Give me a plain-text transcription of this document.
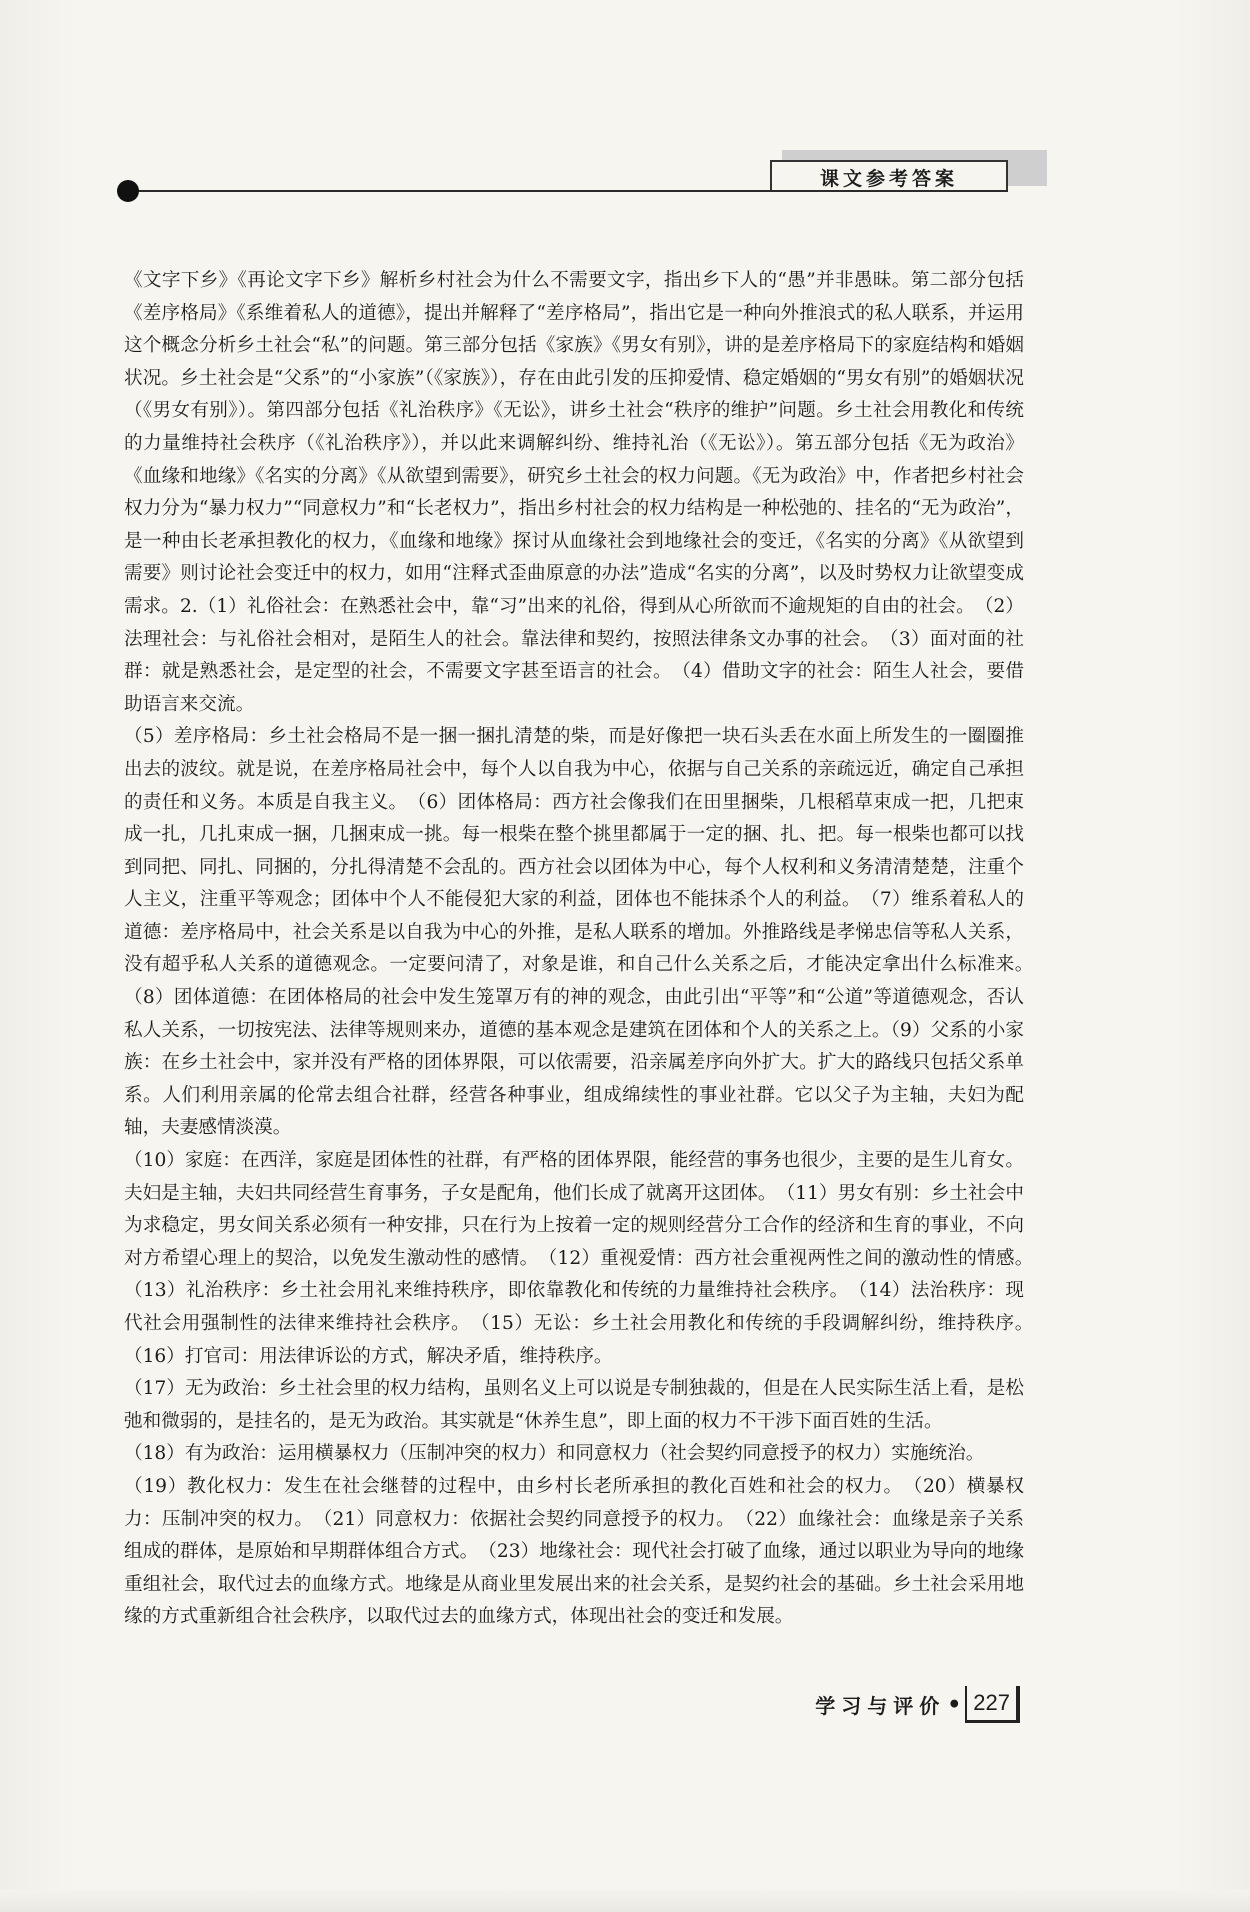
课文参考答案
《文字下乡》《再论文字下乡》解析乡村社会为什么不需要文字，指出乡下人的“愚”并非愚昧。第二部分包括《差序格局》《系维着私人的道德》，提出并解释了“差序格局”，指出它是一种向外推浪式的私人联系，并运用这个概念分析乡土社会“私”的问题。第三部分包括《家族》《男女有别》，讲的是差序格局下的家庭结构和婚姻状况。乡土社会是“父系”的“小家族”（《家族》），存在由此引发的压抑爱情、稳定婚姻的“男女有别”的婚姻状况（《男女有别》）。第四部分包括《礼治秩序》《无讼》，讲乡土社会“秩序的维护”问题。乡土社会用教化和传统的力量维持社会秩序（《礼治秩序》），并以此来调解纠纷、维持礼治（《无讼》）。第五部分包括《无为政治》《血缘和地缘》《名实的分离》《从欲望到需要》，研究乡土社会的权力问题。《无为政治》中，作者把乡村社会权力分为“暴力权力”“同意权力”和“长老权力”，指出乡村社会的权力结构是一种松弛的、挂名的“无为政治”，是一种由长老承担教化的权力，《血缘和地缘》探讨从血缘社会到地缘社会的变迁，《名实的分离》《从欲望到需要》则讨论社会变迁中的权力，如用“注释式歪曲原意的办法”造成“名实的分离”，以及时势权力让欲望变成需求。2.（1）礼俗社会：在熟悉社会中，靠“习”出来的礼俗，得到从心所欲而不逾规矩的自由的社会。　（2）法理社会：与礼俗社会相对，是陌生人的社会。靠法律和契约，按照法律条文办事的社会。　（3）面对面的社群：就是熟悉社会，是定型的社会，不需要文字甚至语言的社会。　（4）借助文字的社会：陌生人社会，要借助语言来交流。
（5）差序格局：乡土社会格局不是一捆一捆扎清楚的柴，而是好像把一块石头丢在水面上所发生的一圈圈推出去的波纹。就是说，在差序格局社会中，每个人以自我为中心，依据与自己关系的亲疏远近，确定自己承担的责任和义务。本质是自我主义。　（6）团体格局：西方社会像我们在田里捆柴，几根稻草束成一把，几把束成一扎，几扎束成一捆，几捆束成一挑。每一根柴在整个挑里都属于一定的捆、扎、把。每一根柴也都可以找到同把、同扎、同捆的，分扎得清楚不会乱的。西方社会以团体为中心，每个人权利和义务清清楚楚，注重个人主义，注重平等观念；团体中个人不能侵犯大家的利益，团体也不能抹杀个人的利益。　（7）维系着私人的道德：差序格局中，社会关系是以自我为中心的外推，是私人联系的增加。外推路线是孝悌忠信等私人关系，没有超乎私人关系的道德观念。一定要问清了，对象是谁，和自己什么关系之后，才能决定拿出什么标准来。　（8）团体道德：在团体格局的社会中发生笼罩万有的神的观念，由此引出“平等”和“公道”等道德观念，否认私人关系，一切按宪法、法律等规则来办，道德的基本观念是建筑在团体和个人的关系之上。（9）父系的小家族：在乡土社会中，家并没有严格的团体界限，可以依需要，沿亲属差序向外扩大。扩大的路线只包括父系单系。人们利用亲属的伦常去组合社群，经营各种事业，组成绵续性的事业社群。它以父子为主轴，夫妇为配轴，夫妻感情淡漠。
（10）家庭：在西洋，家庭是团体性的社群，有严格的团体界限，能经营的事务也很少，主要的是生儿育女。夫妇是主轴，夫妇共同经营生育事务，子女是配角，他们长成了就离开这团体。　（11）男女有别：乡土社会中为求稳定，男女间关系必须有一种安排，只在行为上按着一定的规则经营分工合作的经济和生育的事业，不向对方希望心理上的契洽，以免发生激动性的感情。　（12）重视爱情：西方社会重视两性之间的激动性的情感。　（13）礼治秩序：乡土社会用礼来维持秩序，即依靠教化和传统的力量维持社会秩序。　（14）法治秩序：现代社会用强制性的法律来维持社会秩序。　（15）无讼：乡土社会用教化和传统的手段调解纠纷，维持秩序。　（16）打官司：用法律诉讼的方式，解决矛盾，维持秩序。
（17）无为政治：乡土社会里的权力结构，虽则名义上可以说是专制独裁的，但是在人民实际生活上看，是松弛和微弱的，是挂名的，是无为政治。其实就是“休养生息”，即上面的权力不干涉下面百姓的生活。
（18）有为政治：运用横暴权力（压制冲突的权力）和同意权力（社会契约同意授予的权力）实施统治。
（19）教化权力：发生在社会继替的过程中，由乡村长老所承担的教化百姓和社会的权力。　（20）横暴权力：压制冲突的权力。　（21）同意权力：依据社会契约同意授予的权力。　（22）血缘社会：血缘是亲子关系组成的群体，是原始和早期群体组合方式。　（23）地缘社会：现代社会打破了血缘，通过以职业为导向的地缘重组社会，取代过去的血缘方式。地缘是从商业里发展出来的社会关系，是契约社会的基础。乡土社会采用地缘的方式重新组合社会秩序，以取代过去的血缘方式，体现出社会的变迁和发展。
学习与评价 • 227
